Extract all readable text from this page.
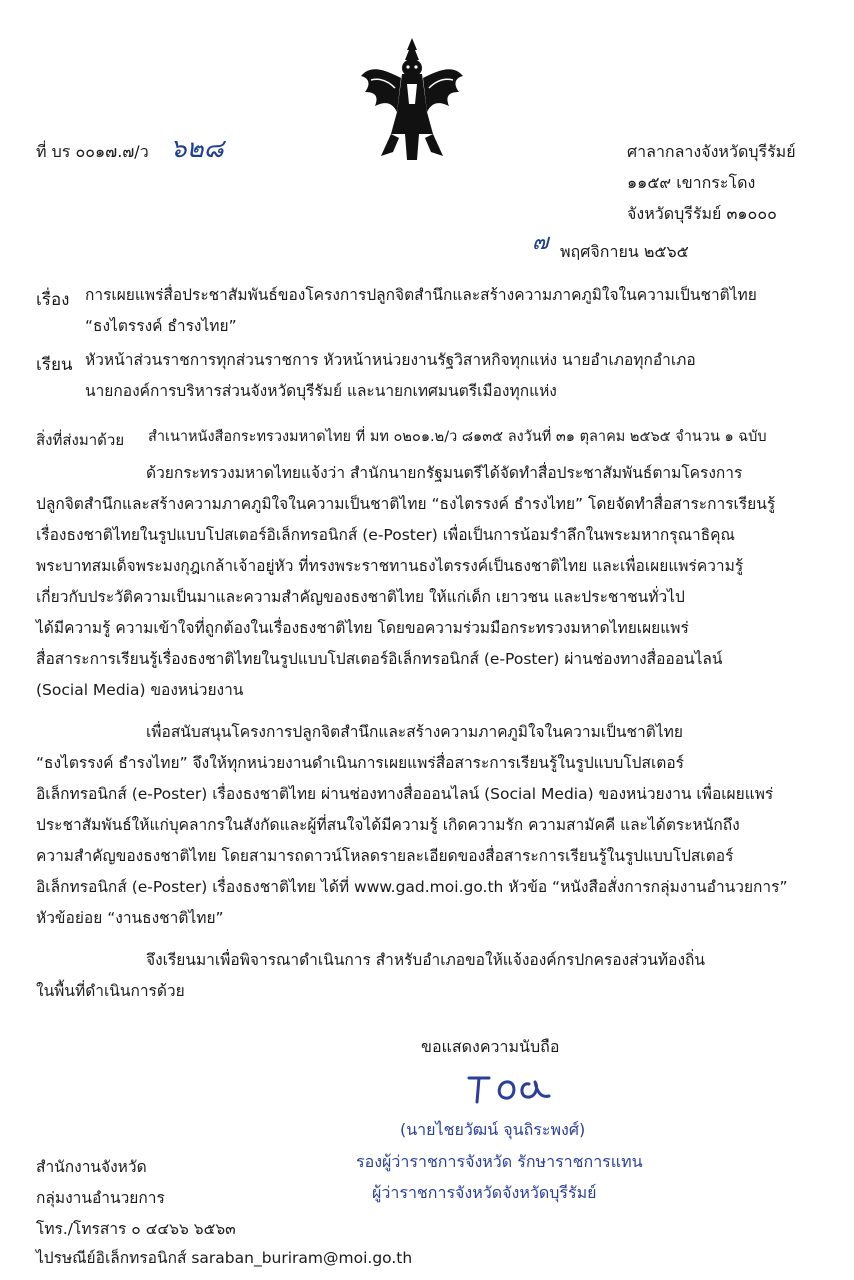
ที่ บร ๐๐๑๗.๗/ว ๖๒๘	ศาลากลางจังหวัดบุรีรัมย์
๑๑๕๙ เขากระโดง
จังหวัดบุรีรัมย์ ๓๑๐๐๐
๗ พฤศจิกายน ๒๕๖๕
เรื่อง การเผยแพร่สื่อประชาสัมพันธ์ของโครงการปลูกจิตสำนึกและสร้างความภาคภูมิใจในความเป็นชาติไทย
“ธงไตรรงค์ ธำรงไทย”
เรียน หัวหน้าส่วนราชการทุกส่วนราชการ หัวหน้าหน่วยงานรัฐวิสาหกิจทุกแห่ง นายอำเภอทุกอำเภอ
นายกองค์การบริหารส่วนจังหวัดบุรีรัมย์ และนายกเทศมนตรีเมืองทุกแห่ง
สิ่งที่ส่งมาด้วย สำเนาหนังสือกระทรวงมหาดไทย ที่ มท ๐๒๐๑.๒/ว ๘๑๓๕ ลงวันที่ ๓๑ ตุลาคม ๒๕๖๕ จำนวน ๑ ฉบับ
ด้วยกระทรวงมหาดไทยแจ้งว่า สำนักนายกรัฐมนตรีได้จัดทำสื่อประชาสัมพันธ์ตามโครงการ
ปลูกจิตสำนึกและสร้างความภาคภูมิใจในความเป็นชาติไทย “ธงไตรรงค์ ธำรงไทย” โดยจัดทำสื่อสาระการเรียนรู้
เรื่องธงชาติไทยในรูปแบบโปสเตอร์อิเล็กทรอนิกส์ (e-Poster) เพื่อเป็นการน้อมรำลึกในพระมหากรุณาธิคุณ
พระบาทสมเด็จพระมงกุฎเกล้าเจ้าอยู่หัว ที่ทรงพระราชทานธงไตรรงค์เป็นธงชาติไทย และเพื่อเผยแพร่ความรู้
เกี่ยวกับประวัติความเป็นมาและความสำคัญของธงชาติไทย ให้แก่เด็ก เยาวชน และประชาชนทั่วไป
ได้มีความรู้ ความเข้าใจที่ถูกต้องในเรื่องธงชาติไทย โดยขอความร่วมมือกระทรวงมหาดไทยเผยแพร่
สื่อสาระการเรียนรู้เรื่องธงชาติไทยในรูปแบบโปสเตอร์อิเล็กทรอนิกส์ (e-Poster) ผ่านช่องทางสื่อออนไลน์
(Social Media) ของหน่วยงาน
เพื่อสนับสนุนโครงการปลูกจิตสำนึกและสร้างความภาคภูมิใจในความเป็นชาติไทย
“ธงไตรรงค์ ธำรงไทย” จึงให้ทุกหน่วยงานดำเนินการเผยแพร่สื่อสาระการเรียนรู้ในรูปแบบโปสเตอร์
อิเล็กทรอนิกส์ (e-Poster) เรื่องธงชาติไทย ผ่านช่องทางสื่อออนไลน์ (Social Media) ของหน่วยงาน เพื่อเผยแพร่
ประชาสัมพันธ์ให้แก่บุคลากรในสังกัดและผู้ที่สนใจได้มีความรู้ เกิดความรัก ความสามัคคี และได้ตระหนักถึง
ความสำคัญของธงชาติไทย โดยสามารถดาวน์โหลดรายละเอียดของสื่อสาระการเรียนรู้ในรูปแบบโปสเตอร์
อิเล็กทรอนิกส์ (e-Poster) เรื่องธงชาติไทย ได้ที่ www.gad.moi.go.th หัวข้อ “หนังสือสั่งการกลุ่มงานอำนวยการ”
หัวข้อย่อย “งานธงชาติไทย”
จึงเรียนมาเพื่อพิจารณาดำเนินการ สำหรับอำเภอขอให้แจ้งองค์กรปกครองส่วนท้องถิ่น
ในพื้นที่ดำเนินการด้วย
ขอแสดงความนับถือ
(นายไชยวัฒน์ จุนถิระพงศ์)
รองผู้ว่าราชการจังหวัด รักษาราชการแทน
ผู้ว่าราชการจังหวัดจังหวัดบุรีรัมย์
สำนักงานจังหวัด
กลุ่มงานอำนวยการ
โทร./โทรสาร ๐ ๔๔๖๖ ๖๕๖๓
ไปรษณีย์อิเล็กทรอนิกส์ saraban_buriram@moi.go.th
